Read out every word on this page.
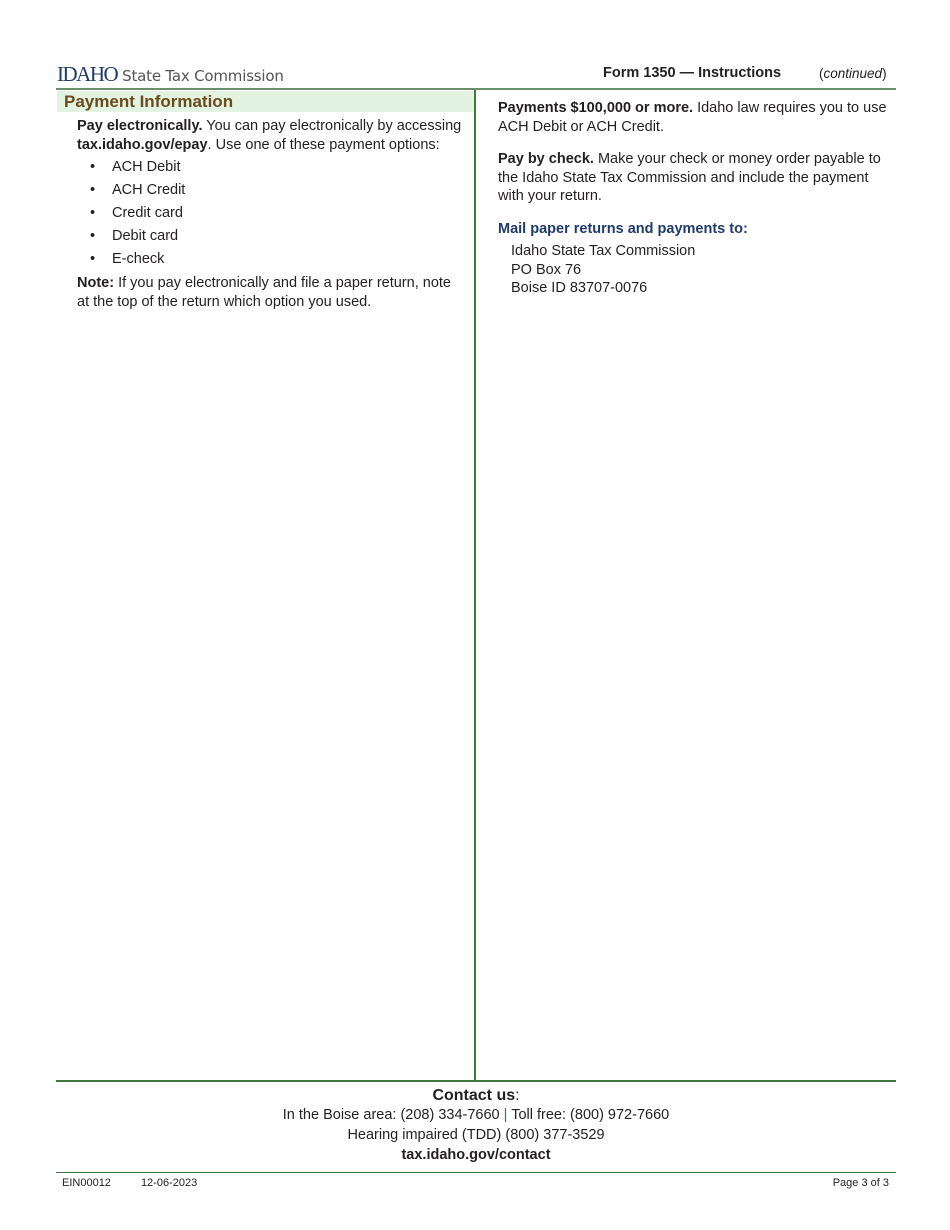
IDAHO State Tax Commission	Form 1350 — Instructions	(continued)
Payment Information

Pay electronically. You can pay electronically by accessing tax.idaho.gov/epay. Use one of these payment options:

• ACH Debit
• ACH Credit
• Credit card
• Debit card
• E-check

Note: If you pay electronically and file a paper return, note at the top of the return which option you used.

Payments $100,000 or more. Idaho law requires you to use ACH Debit or ACH Credit.

Pay by check. Make your check or money order payable to the Idaho State Tax Commission and include the payment with your return.

Mail paper returns and payments to:

Idaho State Tax Commission
PO Box 76
Boise ID 83707-0076
Contact us:
In the Boise area: (208) 334-7660 | Toll free: (800) 972-7660
Hearing impaired (TDD) (800) 377-3529
tax.idaho.gov/contact
EIN00012	12-06-2023	Page 3 of 3
